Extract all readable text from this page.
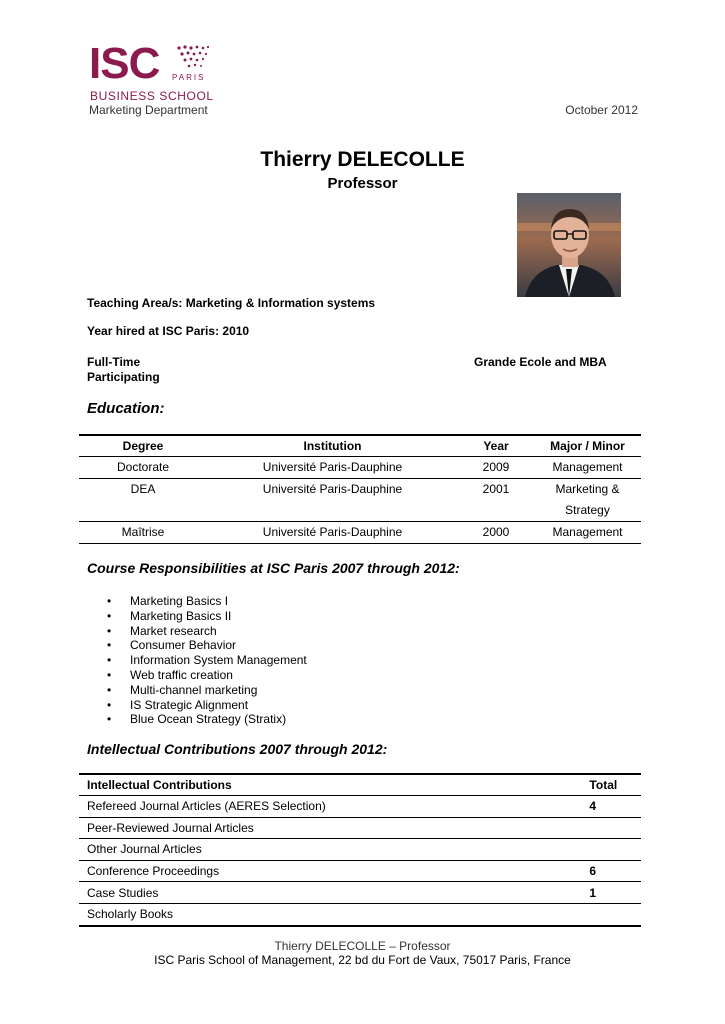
ISC PARIS
BUSINESS SCHOOL
Marketing Department	October 2012
Thierry DELECOLLE
Professor
Teaching Area/s: Marketing & Information systems
Year hired at ISC Paris: 2010
Full-Time
Participating
Grande Ecole and MBA
Education:
Degree	Institution	Year	Major / Minor
Doctorate	Université Paris-Dauphine	2009	Management
DEA	Université Paris-Dauphine	2001	Marketing &
Strategy

Maîtrise	Université Paris-Dauphine	2000	Management
Course Responsibilities at ISC Paris 2007 through 2012:
• Marketing Basics I
• Marketing Basics II
• Market research
• Consumer Behavior
• Information System Management
• Web traffic creation
• Multi-channel marketing
• IS Strategic Alignment
• Blue Ocean Strategy (Stratix)
Intellectual Contributions 2007 through 2012:
Intellectual Contributions	Total
Refereed Journal Articles (AERES Selection)	4
Peer-Reviewed Journal Articles	
Other Journal Articles	
Conference Proceedings	6
Case Studies	1
Scholarly Books	
Thierry DELECOLLE – Professor
ISC Paris School of Management, 22 bd du Fort de Vaux, 75017 Paris, France
